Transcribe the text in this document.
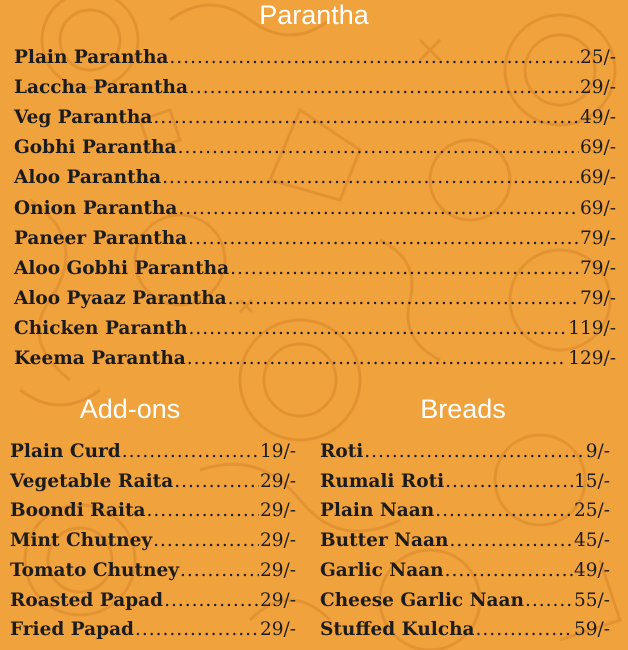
Parantha
Plain Parantha .....	25/-
Laccha Parantha .....	29/-
Veg Parantha .....	49/-
Gobhi Parantha .....	69/-
Aloo Parantha .....	69/-
Onion Parantha .....	69/-
Paneer Parantha .....	79/-
Aloo Gobhi Parantha .....	79/-
Aloo Pyaaz Parantha .....	79/-
Chicken Paranth .....	119/-
Keema Parantha .....	129/-
Add-ons	Breads
Plain Curd .....	19/-
Vegetable Raita .....	29/-
Boondi Raita .....	29/-
Mint Chutney .....	29/-
Tomato Chutney .....	29/-
Roasted Papad .....	29/-
Fried Papad .....	29/-
Roti .....	9/-
Rumali Roti .....	15/-
Plain Naan .....	25/-
Butter Naan .....	45/-
Garlic Naan .....	49/-
Cheese Garlic Naan .....	55/-
Stuffed Kulcha .....	59/-
